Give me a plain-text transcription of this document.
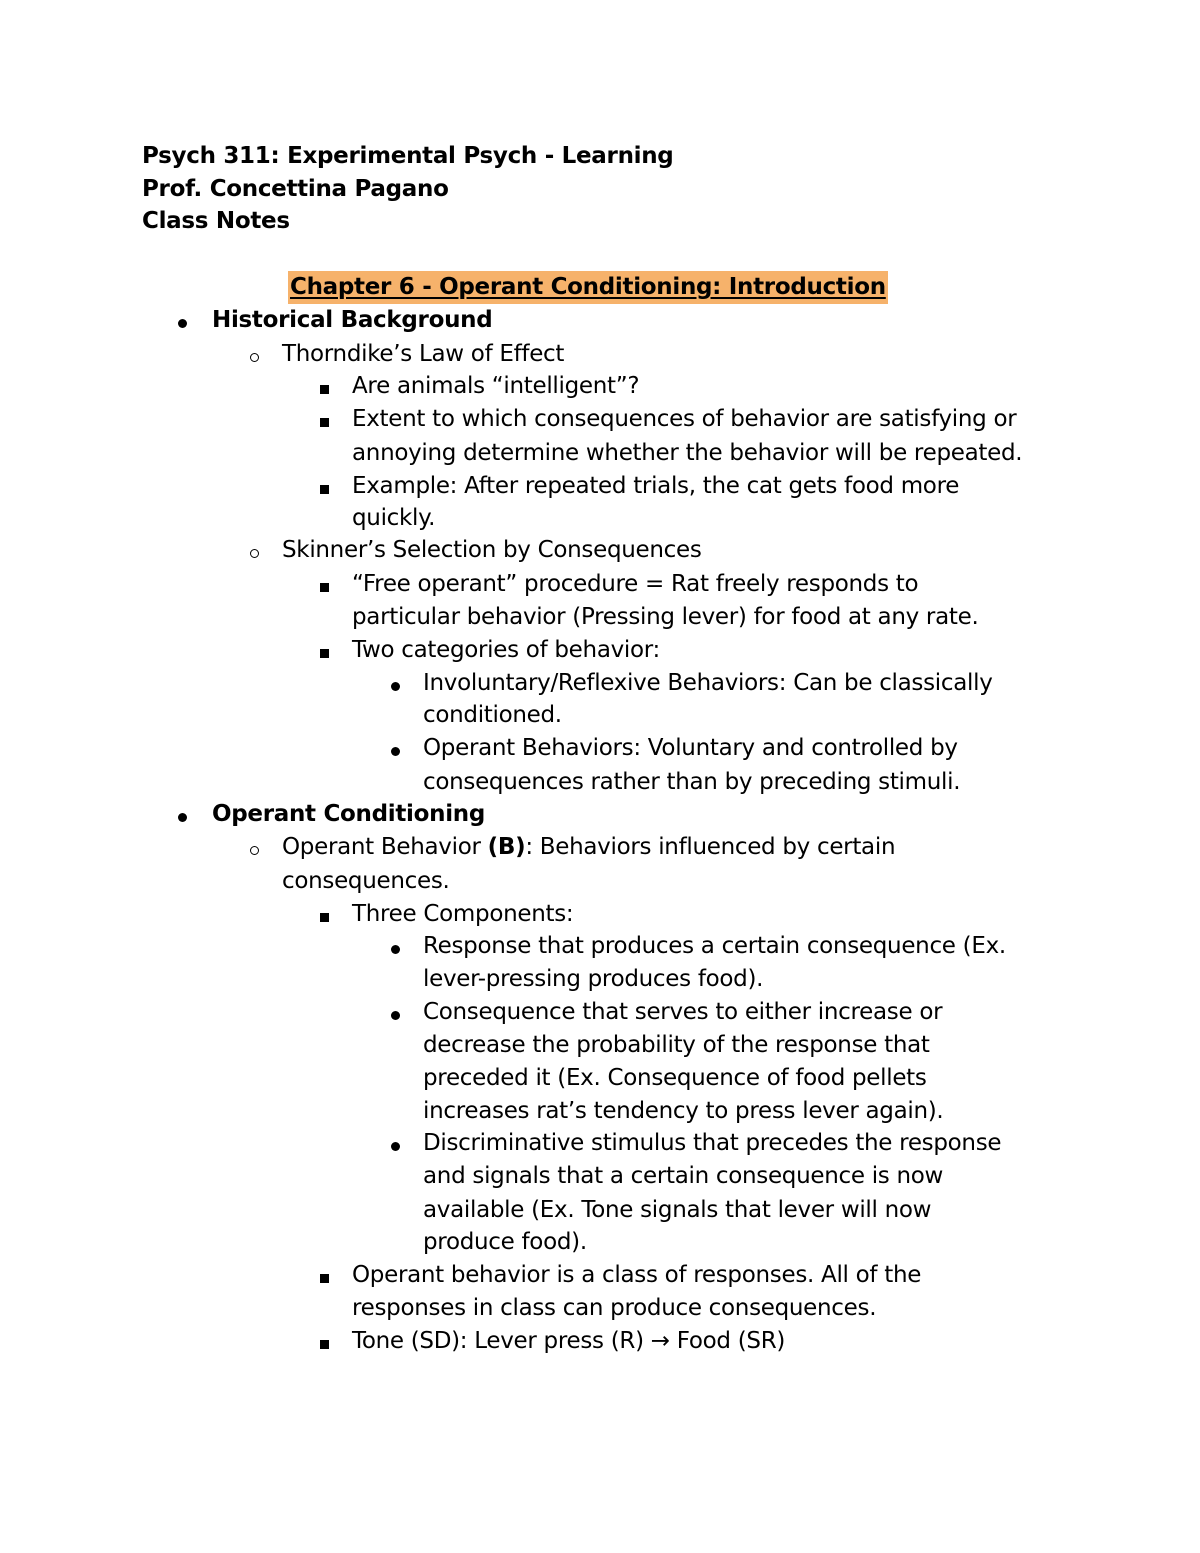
Psych 311: Experimental Psych - Learning
Prof. Concettina Pagano
Class Notes
Chapter 6 - Operant Conditioning: Introduction
Historical Background
Thorndike’s Law of Effect
Are animals “intelligent”?
Extent to which consequences of behavior are satisfying or
annoying determine whether the behavior will be repeated.
Example: After repeated trials, the cat gets food more
quickly.
Skinner’s Selection by Consequences
“Free operant” procedure = Rat freely responds to
particular behavior (Pressing lever) for food at any rate.
Two categories of behavior:
Involuntary/Reflexive Behaviors: Can be classically
conditioned.
Operant Behaviors: Voluntary and controlled by
consequences rather than by preceding stimuli.
Operant Conditioning
Operant Behavior (B): Behaviors influenced by certain
consequences.
Three Components:
Response that produces a certain consequence (Ex.
lever-pressing produces food).
Consequence that serves to either increase or
decrease the probability of the response that
preceded it (Ex. Consequence of food pellets
increases rat’s tendency to press lever again).
Discriminative stimulus that precedes the response
and signals that a certain consequence is now
available (Ex. Tone signals that lever will now
produce food).
Operant behavior is a class of responses. All of the
responses in class can produce consequences.
Tone (SD): Lever press (R) → Food (SR)
